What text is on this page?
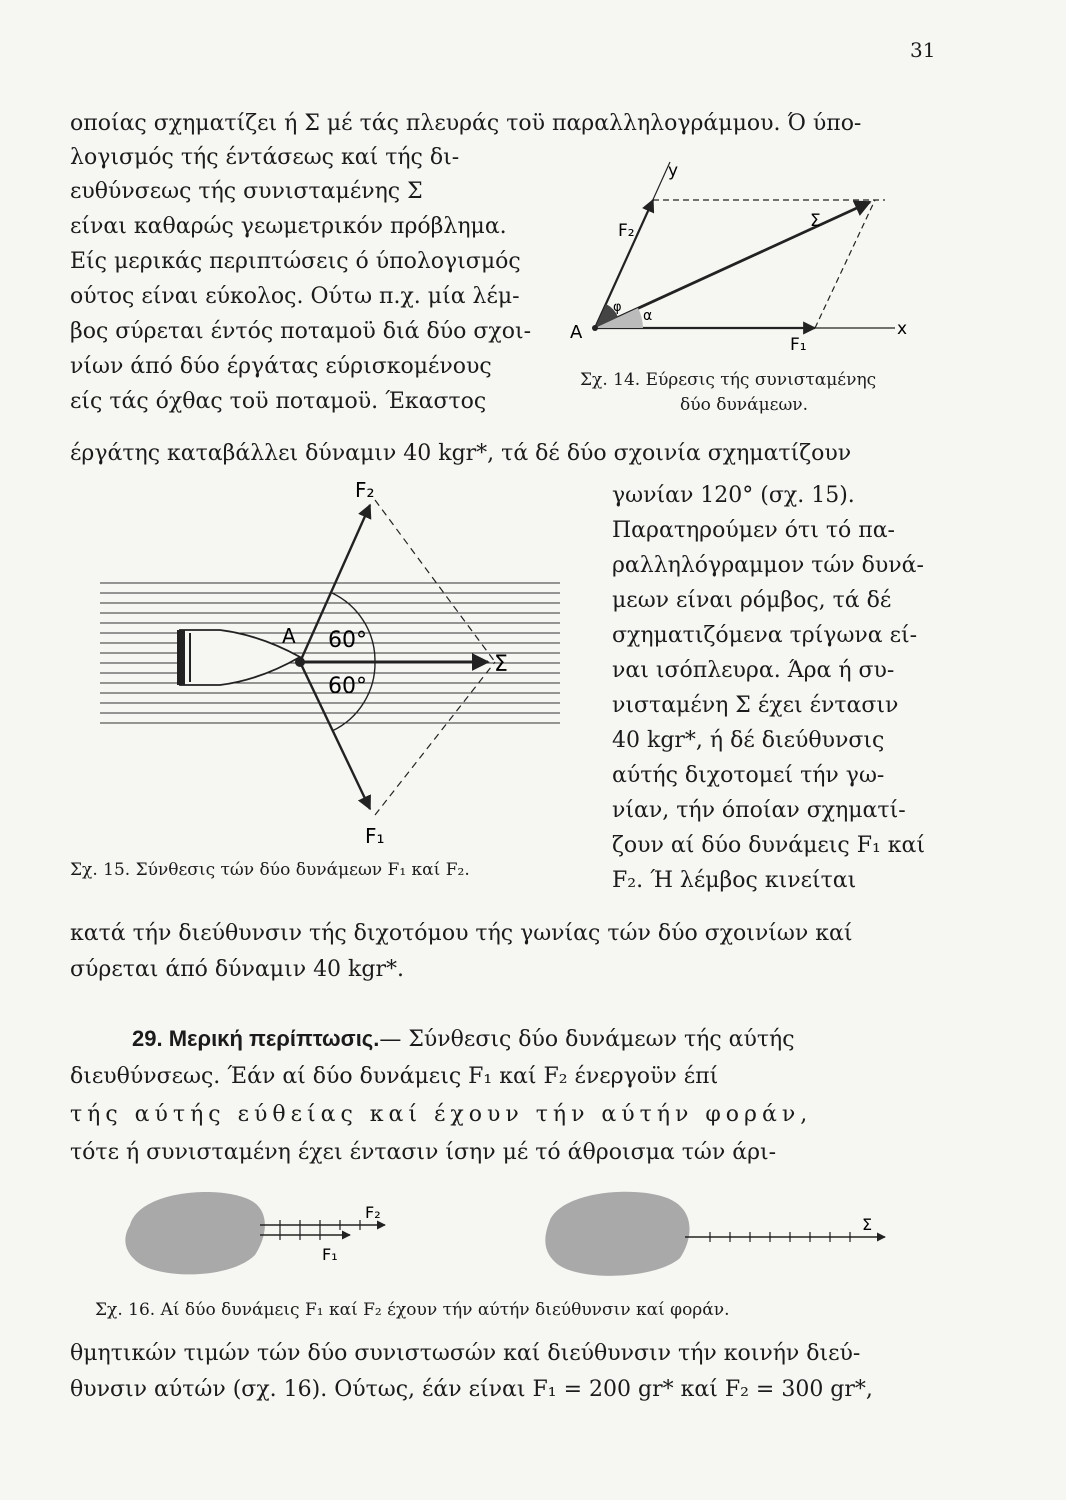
31
οποίας σχηματίζει ή Σ μέ τάς πλευράς τοϋ παραλληλογράμμου. Ό ύπο-
λογισμός τής έντάσεως καί τής δι-
ευθύνσεως τής συνισταμένης Σ
είναι καθαρώς γεωμετρικόν πρόβλημα.
Είς μερικάς περιπτώσεις ό ύπολογισμός
ούτος είναι εύκολος. Ούτω π.χ. μία λέμ-
βος σύρεται έντός ποταμοϋ διά δύο σχοι-
νίων άπό δύο έργάτας εύρισκομένους
είς τάς όχθας τοϋ ποταμοϋ. Έκαστος
y
F₂	Σ
φ
α
A
F₁
x
Σχ. 14. Εύρεσις τής συνισταμένης
δύο δυνάμεων.
έργάτης καταβάλλει δύναμιν 40 kgr*, τά δέ δύο σχοινία σχηματίζουν
γωνίαν 120° (σχ. 15).
Παρατηρούμεν ότι τό πα-
ραλληλόγραμμον τών δυνά-
μεων είναι ρόμβος, τά δέ
σχηματιζόμενα τρίγωνα εί-
ναι ισόπλευρα. Άρα ή συ-
νισταμένη Σ έχει έντασιν
40 kgr*, ή δέ διεύθυνσις
αύτής διχοτομεί τήν γω-
νίαν, τήν όποίαν σχηματί-
ζουν αί δύο δυνάμεις F₁ καί
F₂. Ή λέμβος κινείται
F₂
A 60°
60°
Σ
F₁
Σχ. 15. Σύνθεσις τών δύο δυνάμεων F₁ καί F₂.
κατά τήν διεύθυνσιν τής διχοτόμου τής γωνίας τών δύο σχοινίων καί
σύρεται άπό δύναμιν 40 kgr*.
29. Μερική περίπτωσις.— Σύνθεσις δύο δυνάμεων τής αύτής
διευθύνσεως. Έάν αί δύο δυνάμεις F₁ καί F₂ ένεργοϋν έπί
τής αύτής εύθείας καί έχουν τήν αύτήν φοράν,
τότε ή συνισταμένη έχει έντασιν ίσην μέ τό άθροισμα τών άρι-
F₂
F₁
Σ
Σχ. 16. Αί δύο δυνάμεις F₁ καί F₂ έχουν τήν αύτήν διεύθυνσιν καί φοράν.
θμητικών τιμών τών δύο συνιστωσών καί διεύθυνσιν τήν κοινήν διεύ-
θυνσιν αύτών (σχ. 16). Ούτως, έάν είναι F₁ = 200 gr* καί F₂ = 300 gr*,
